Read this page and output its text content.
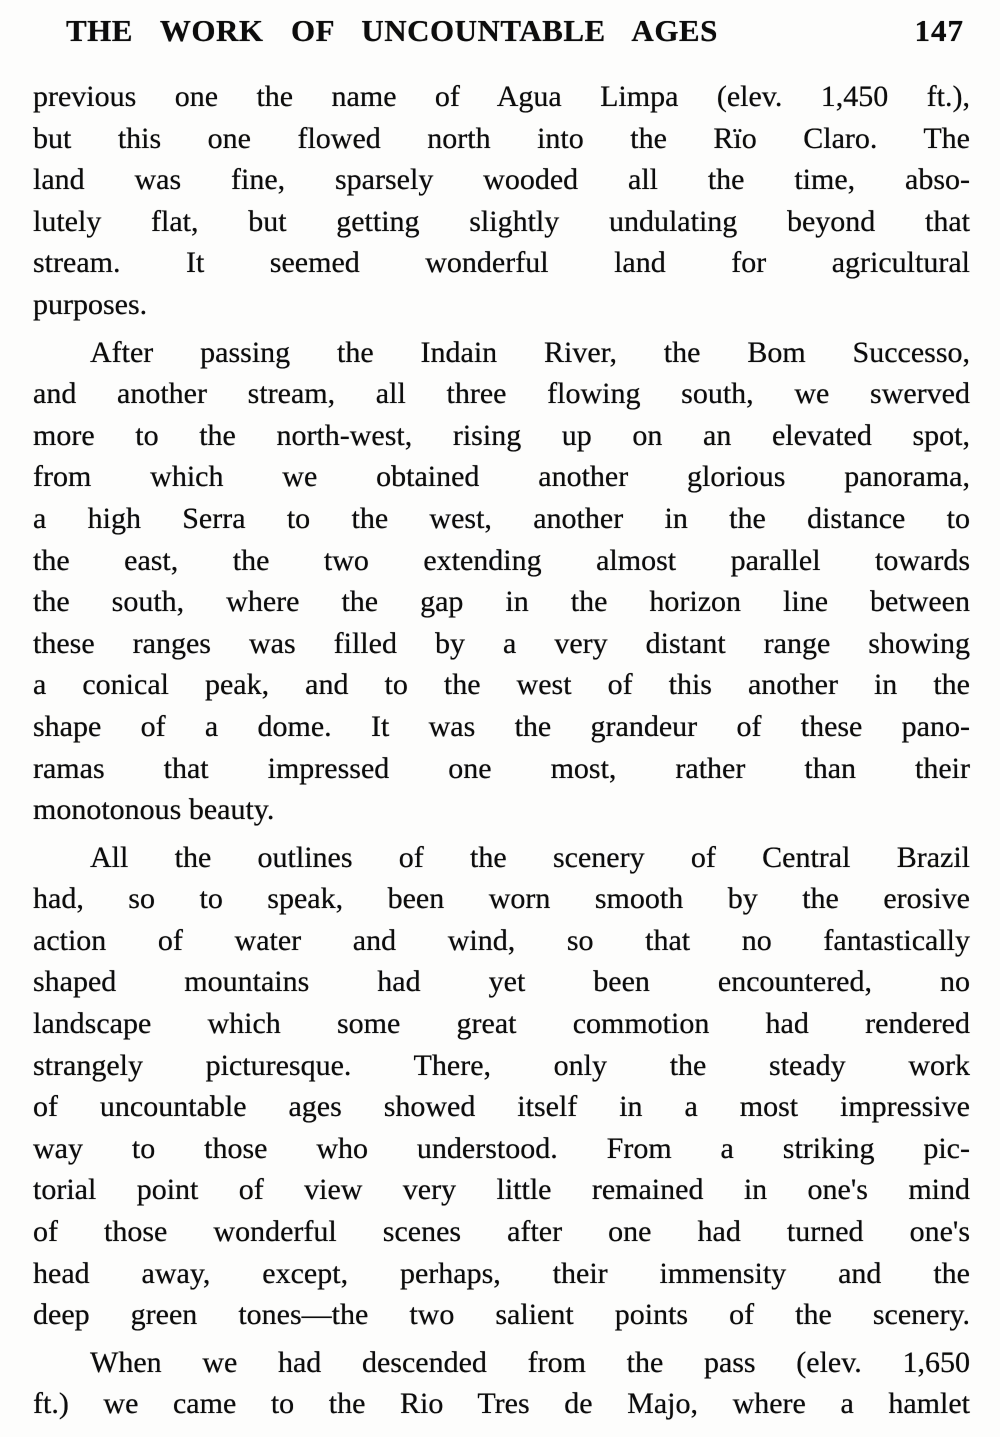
THE WORK OF UNCOUNTABLE AGES	147
previous one the name of Agua Limpa (elev. 1,450 ft.),
but this one flowed north into the Rïo Claro. The
land was fine, sparsely wooded all the time, abso-
lutely flat, but getting slightly undulating beyond that
stream. It seemed wonderful land for agricultural
purposes.
After passing the Indain River, the Bom Successo,
and another stream, all three flowing south, we swerved
more to the north-west, rising up on an elevated spot,
from which we obtained another glorious panorama,
a high Serra to the west, another in the distance to
the east, the two extending almost parallel towards
the south, where the gap in the horizon line between
these ranges was filled by a very distant range showing
a conical peak, and to the west of this another in the
shape of a dome. It was the grandeur of these pano-
ramas that impressed one most, rather than their
monotonous beauty.
All the outlines of the scenery of Central Brazil
had, so to speak, been worn smooth by the erosive
action of water and wind, so that no fantastically
shaped mountains had yet been encountered, no
landscape which some great commotion had rendered
strangely picturesque. There, only the steady work
of uncountable ages showed itself in a most impressive
way to those who understood. From a striking pic-
torial point of view very little remained in one's mind
of those wonderful scenes after one had turned one's
head away, except, perhaps, their immensity and the
deep green tones—the two salient points of the scenery.
When we had descended from the pass (elev. 1,650
ft.) we came to the Rio Tres de Majo, where a hamlet
